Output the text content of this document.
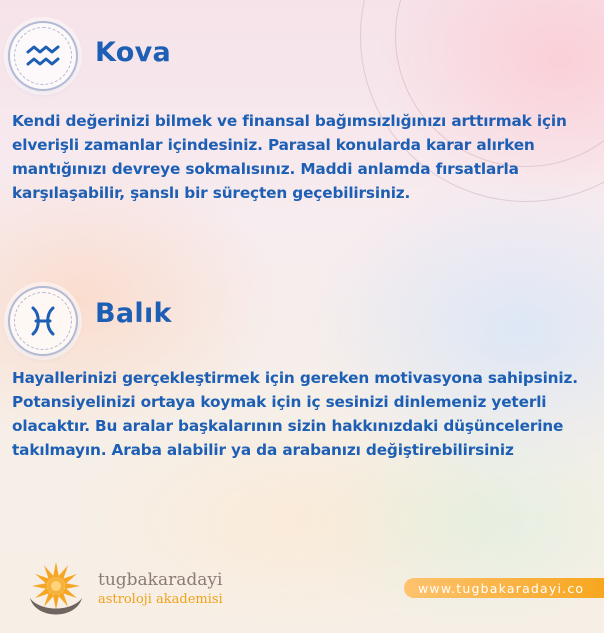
Kova
Kendi değerinizi bilmek ve finansal bağımsızlığınızı arttırmak için
elverişli zamanlar içindesiniz. Parasal konularda karar alırken
mantığınızı devreye sokmalısınız. Maddi anlamda fırsatlarla
karşılaşabilir, şanslı bir süreçten geçebilirsiniz.
Balık
Hayallerinizi gerçekleştirmek için gereken motivasyona sahipsiniz.
Potansiyelinizi ortaya koymak için iç sesinizi dinlemeniz yeterli
olacaktır. Bu aralar başkalarının sizin hakkınızdaki düşüncelerine
takılmayın. Araba alabilir ya da arabanızı değiştirebilirsiniz
tugbakaradayi
astroloji akademisi
www.tugbakaradayi.co
